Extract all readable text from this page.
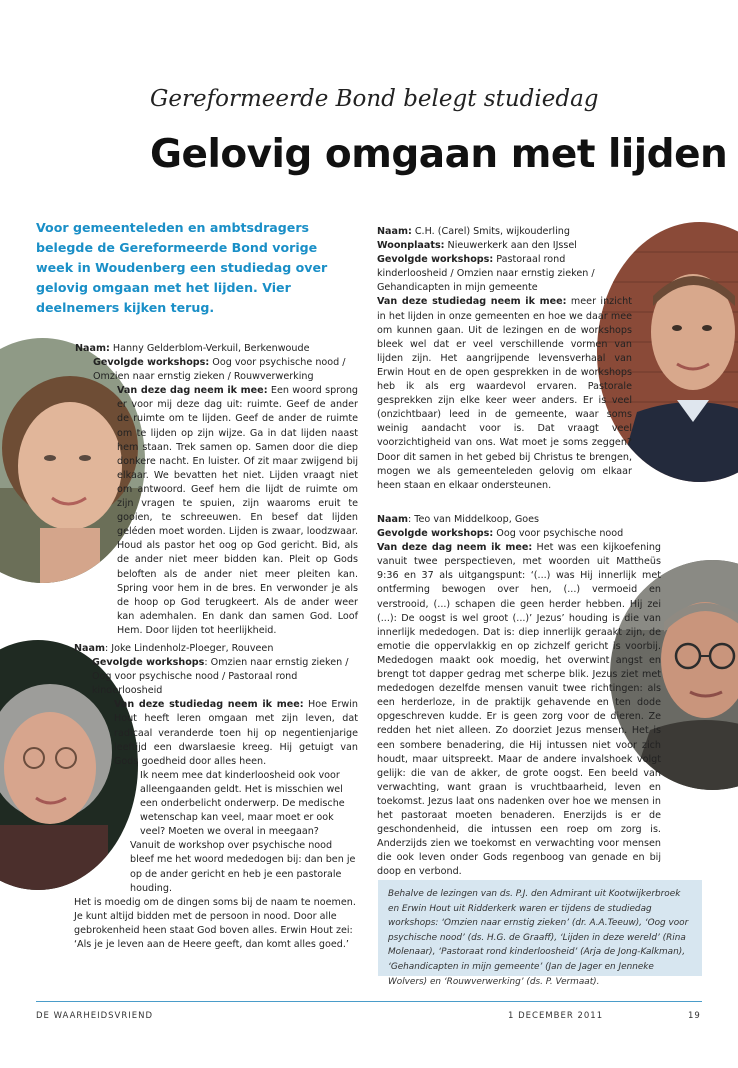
Gereformeerde Bond belegt studiedag
Gelovig omgaan met lijden
Voor gemeenteleden en ambtsdragers belegde de Gereformeerde Bond vorige week in Woudenberg een studiedag over gelovig omgaan met het lijden. Vier deelnemers kijken terug.

Naam: Hanny Gelderblom-Verkuil, Berkenwoude

Gevolgde workshops: Oog voor psychische nood / Omzien naar ernstig zieken / Rouwverwerking

Van deze dag neem ik mee: Een woord sprong er voor mij deze dag uit: ruimte. Geef de ander de ruimte om te lijden. Geef de ander de ruimte om te lijden op zijn wijze. Ga in dat lijden naast hem staan. Trek samen op. Samen door die diep donkere nacht. En luister. Of zit maar zwijgend bij elkaar. We bevatten het niet. Lijden vraagt niet om antwoord. Geef hem die lijdt de ruimte om zijn vragen te spuien, zijn waaroms eruit te gooien, te schreeuwen. En besef dat lijden geléden moet worden. Lijden is zwaar, loodzwaar. Houd als pastor het oog op God gericht. Bid, als de ander niet meer bidden kan. Pleit op Gods beloften als de ander niet meer pleiten kan. Spring voor hem in de bres. En verwonder je als de hoop op God terugkeert. Als de ander weer kan ademhalen. En dank dan samen God. Loof Hem. Door lijden tot heerlijkheid.

Naam: Joke Lindenholz-Ploeger, Rouveen

Gevolgde workshops: Omzien naar ernstig zieken / Oog voor psychische nood / Pastoraal rond kinderloosheid

Van deze studiedag neem ik mee: Hoe Erwin Hout heeft leren omgaan met zijn leven, dat radicaal veranderde toen hij op negentienjarige leeftijd een dwarslaesie kreeg. Hij getuigt van Gods goedheid door alles heen.

Ik neem mee dat kinderloosheid ook voor alleengaanden geldt. Het is misschien wel een onderbelicht onderwerp. De medische wetenschap kan veel, maar moet er ook veel? Moeten we overal in meegaan?

Vanuit de workshop over psychische nood bleef me het woord mededogen bij: dan ben je op de ander gericht en heb je een pastorale houding.

Het is moedig om de dingen soms bij de naam te noemen. Je kunt altijd bidden met de persoon in nood. Door alle gebrokenheid heen staat God boven alles. Erwin Hout zei: ‘Als je je leven aan de Heere geeft, dan komt alles goed.’

Naam: C.H. (Carel) Smits, wijkouderling

Woonplaats: Nieuwerkerk aan den IJssel

Gevolgde workshops: Pastoraal rond kinderloosheid / Omzien naar ernstig zieken / Gehandicapten in mijn gemeente

Van deze studiedag neem ik mee: meer inzicht in het lijden in onze gemeenten en hoe we daar mee om kunnen gaan. Uit de lezingen en de workshops bleek wel dat er veel verschillende vormen van lijden zijn. Het aangrijpende levensverhaal van Erwin Hout en de open gesprekken in de workshops heb ik als erg waardevol ervaren. Pastorale gesprekken zijn elke keer weer anders. Er is veel (onzichtbaar) leed in de gemeente, waar soms weinig aandacht voor is. Dat vraagt veel voorzichtigheid van ons. Wat moet je soms zeggen? Door dit samen in het gebed bij Christus te brengen, mogen we als gemeenteleden gelovig om elkaar heen staan en elkaar ondersteunen.

Naam: Teo van Middelkoop, Goes

Gevolgde workshops: Oog voor psychische nood

Van deze dag neem ik mee: Het was een kijkoefening vanuit twee perspectieven, met woorden uit Mattheüs 9:36 en 37 als uitgangspunt: ‘(...) was Hij innerlijk met ontferming bewogen over hen, (...) vermoeid en verstrooid, (...) schapen die geen herder hebben. Hij zei (...): De oogst is wel groot (...)’ Jezus’ houding is die van innerlijk mededogen. Dat is: diep innerlijk geraakt zijn, de emotie die oppervlakkig en op zichzelf gericht is voorbij. Mededogen maakt ook moedig, het overwint angst en brengt tot dapper gedrag met scherpe blik. Jezus ziet met mededogen dezelfde mensen vanuit twee richtingen: als een herderloze, in de praktijk gehavende en ten dode opgeschreven kudde. Er is geen zorg voor de dieren. Ze redden het niet alleen. Zo doorziet Jezus mensen. Het is een sombere benadering, die Hij intussen niet voor zich houdt, maar uitspreekt. Maar de andere invalshoek volgt gelijk: die van de akker, de grote oogst. Een beeld van verwachting, want graan is vruchtbaarheid, leven en toekomst. Jezus laat ons nadenken over hoe we mensen in het pastoraat moeten benaderen. Enerzijds is er de geschondenheid, die intussen een roep om zorg is. Anderzijds zien we toekomst en verwachting voor mensen die ook leven onder Gods regenboog van genade en bij doop en verbond.

Behalve de lezingen van ds. P.J. den Admirant uit Kootwijkerbroek en Erwin Hout uit Ridderkerk waren er tijdens de studiedag workshops: ‘Omzien naar ernstig zieken’ (dr. A.A.Teeuw), ‘Oog voor psychische nood’ (ds. H.G. de Graaff), ‘Lijden in deze wereld’ (Rina Molenaar), ‘Pastoraat rond kinderloosheid’ (Arja de Jong-Kalkman), ‘Gehandicapten in mijn gemeente’ (Jan de Jager en Jenneke Wolvers) en ‘Rouwverwerking’ (ds. P. Vermaat).
DE WAARHEIDSVRIEND	1 DECEMBER 2011	19
